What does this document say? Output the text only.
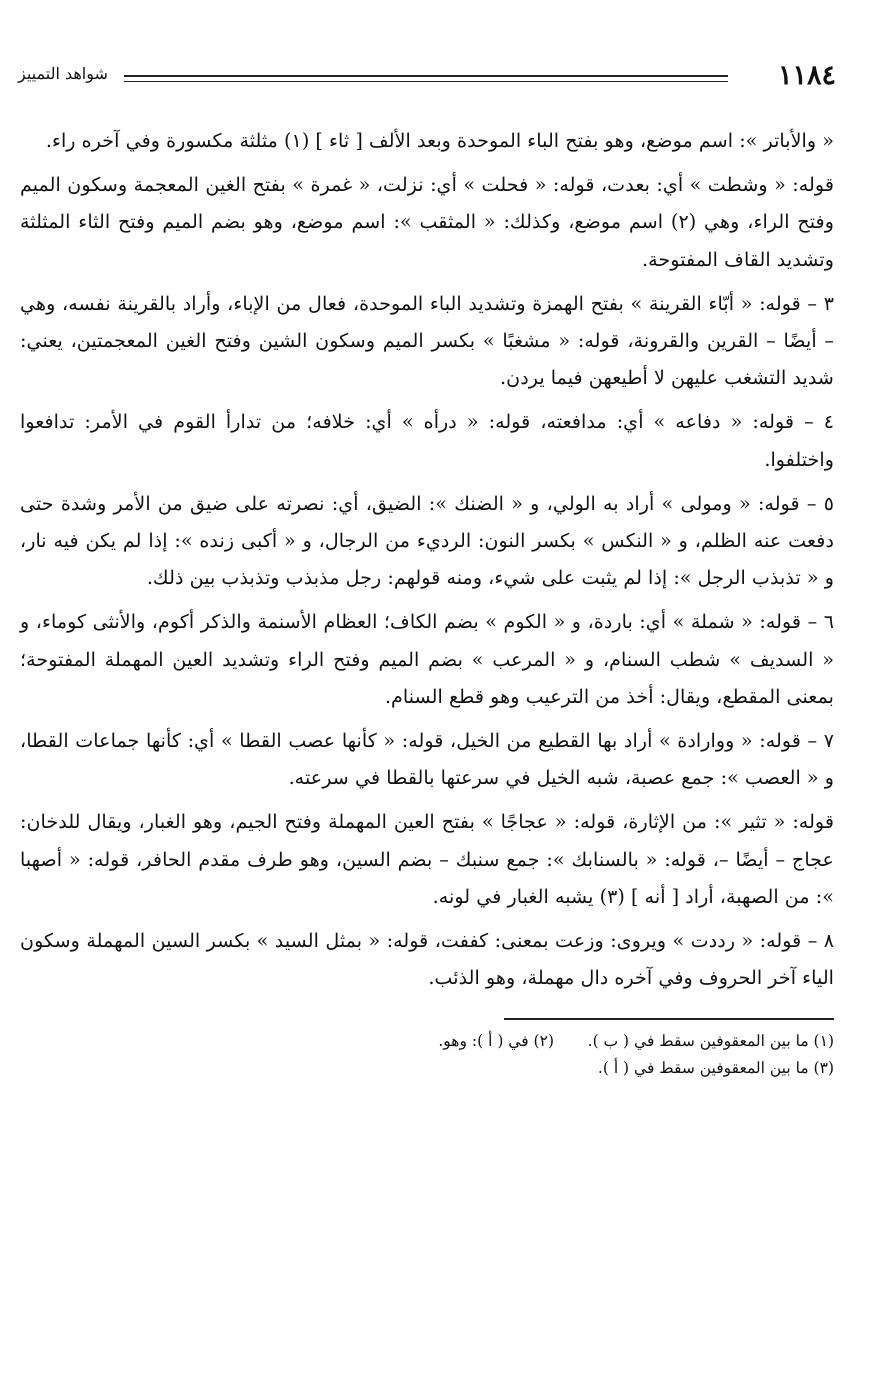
١١٨٤
شواهد التمييز

« والأباتر »: اسم موضع، وهو بفتح الباء الموحدة وبعد الألف [ ثاء ] (١) مثلثة مكسورة وفي آخره راء.

قوله: « وشطت » أي: بعدت، قوله: « فحلت » أي: نزلت، « غمرة » بفتح الغين المعجمة وسكون الميم وفتح الراء، وهي (٢) اسم موضع، وكذلك: « المثقب »: اسم موضع، وهو بضم الميم وفتح الثاء المثلثة وتشديد القاف المفتوحة.

٣ – قوله: « أبّاء القرينة » بفتح الهمزة وتشديد الباء الموحدة، فعال من الإباء، وأراد بالقرينة نفسه، وهي – أيضًا – القرين والقرونة، قوله: « مشغبًا » بكسر الميم وسكون الشين وفتح الغين المعجمتين، يعني: شديد التشغب عليهن لا أطيعهن فيما يردن.

٤ – قوله: « دفاعه » أي: مدافعته، قوله: « درأه » أي: خلافه؛ من تدارأ القوم في الأمر: تدافعوا واختلفوا.

٥ – قوله: « ومولى » أراد به الولي، و « الضنك »: الضيق، أي: نصرته على ضيق من الأمر وشدة حتى دفعت عنه الظلم، و « النكس » بكسر النون: الرديء من الرجال، و « أكبى زنده »: إذا لم يكن فيه نار، و « تذبذب الرجل »: إذا لم يثبت على شيء، ومنه قولهم: رجل مذبذب وتذبذب بين ذلك.

٦ – قوله: « شملة » أي: باردة، و « الكوم » بضم الكاف؛ العظام الأسنمة والذكر أكوم، والأنثى كوماء، و « السديف » شطب السنام، و « المرعب » بضم الميم وفتح الراء وتشديد العين المهملة المفتوحة؛ بمعنى المقطع، ويقال: أخذ من الترعيب وهو قطع السنام.

٧ – قوله: « ووارادة » أراد بها القطيع من الخيل، قوله: « كأنها عصب القطا » أي: كأنها جماعات القطا، و « العصب »: جمع عصبة، شبه الخيل في سرعتها بالقطا في سرعته.

قوله: « تثير »: من الإثارة، قوله: « عجاجًا » بفتح العين المهملة وفتح الجيم، وهو الغبار، ويقال للدخان: عجاج – أيضًا –، قوله: « بالسنابك »: جمع سنبك – بضم السين، وهو طرف مقدم الحافر، قوله: « أصهبا »: من الصهبة، أراد [ أنه ] (٣) يشبه الغبار في لونه.

٨ – قوله: « رددت » ويروى: وزعت بمعنى: كففت، قوله: « بمثل السيد » بكسر السين المهملة وسكون الياء آخر الحروف وفي آخره دال مهملة، وهو الذئب.

(١) ما بين المعقوفين سقط في ( ب ).
(٢) في ( أ ): وهو.
(٣) ما بين المعقوفين سقط في ( أ ).
